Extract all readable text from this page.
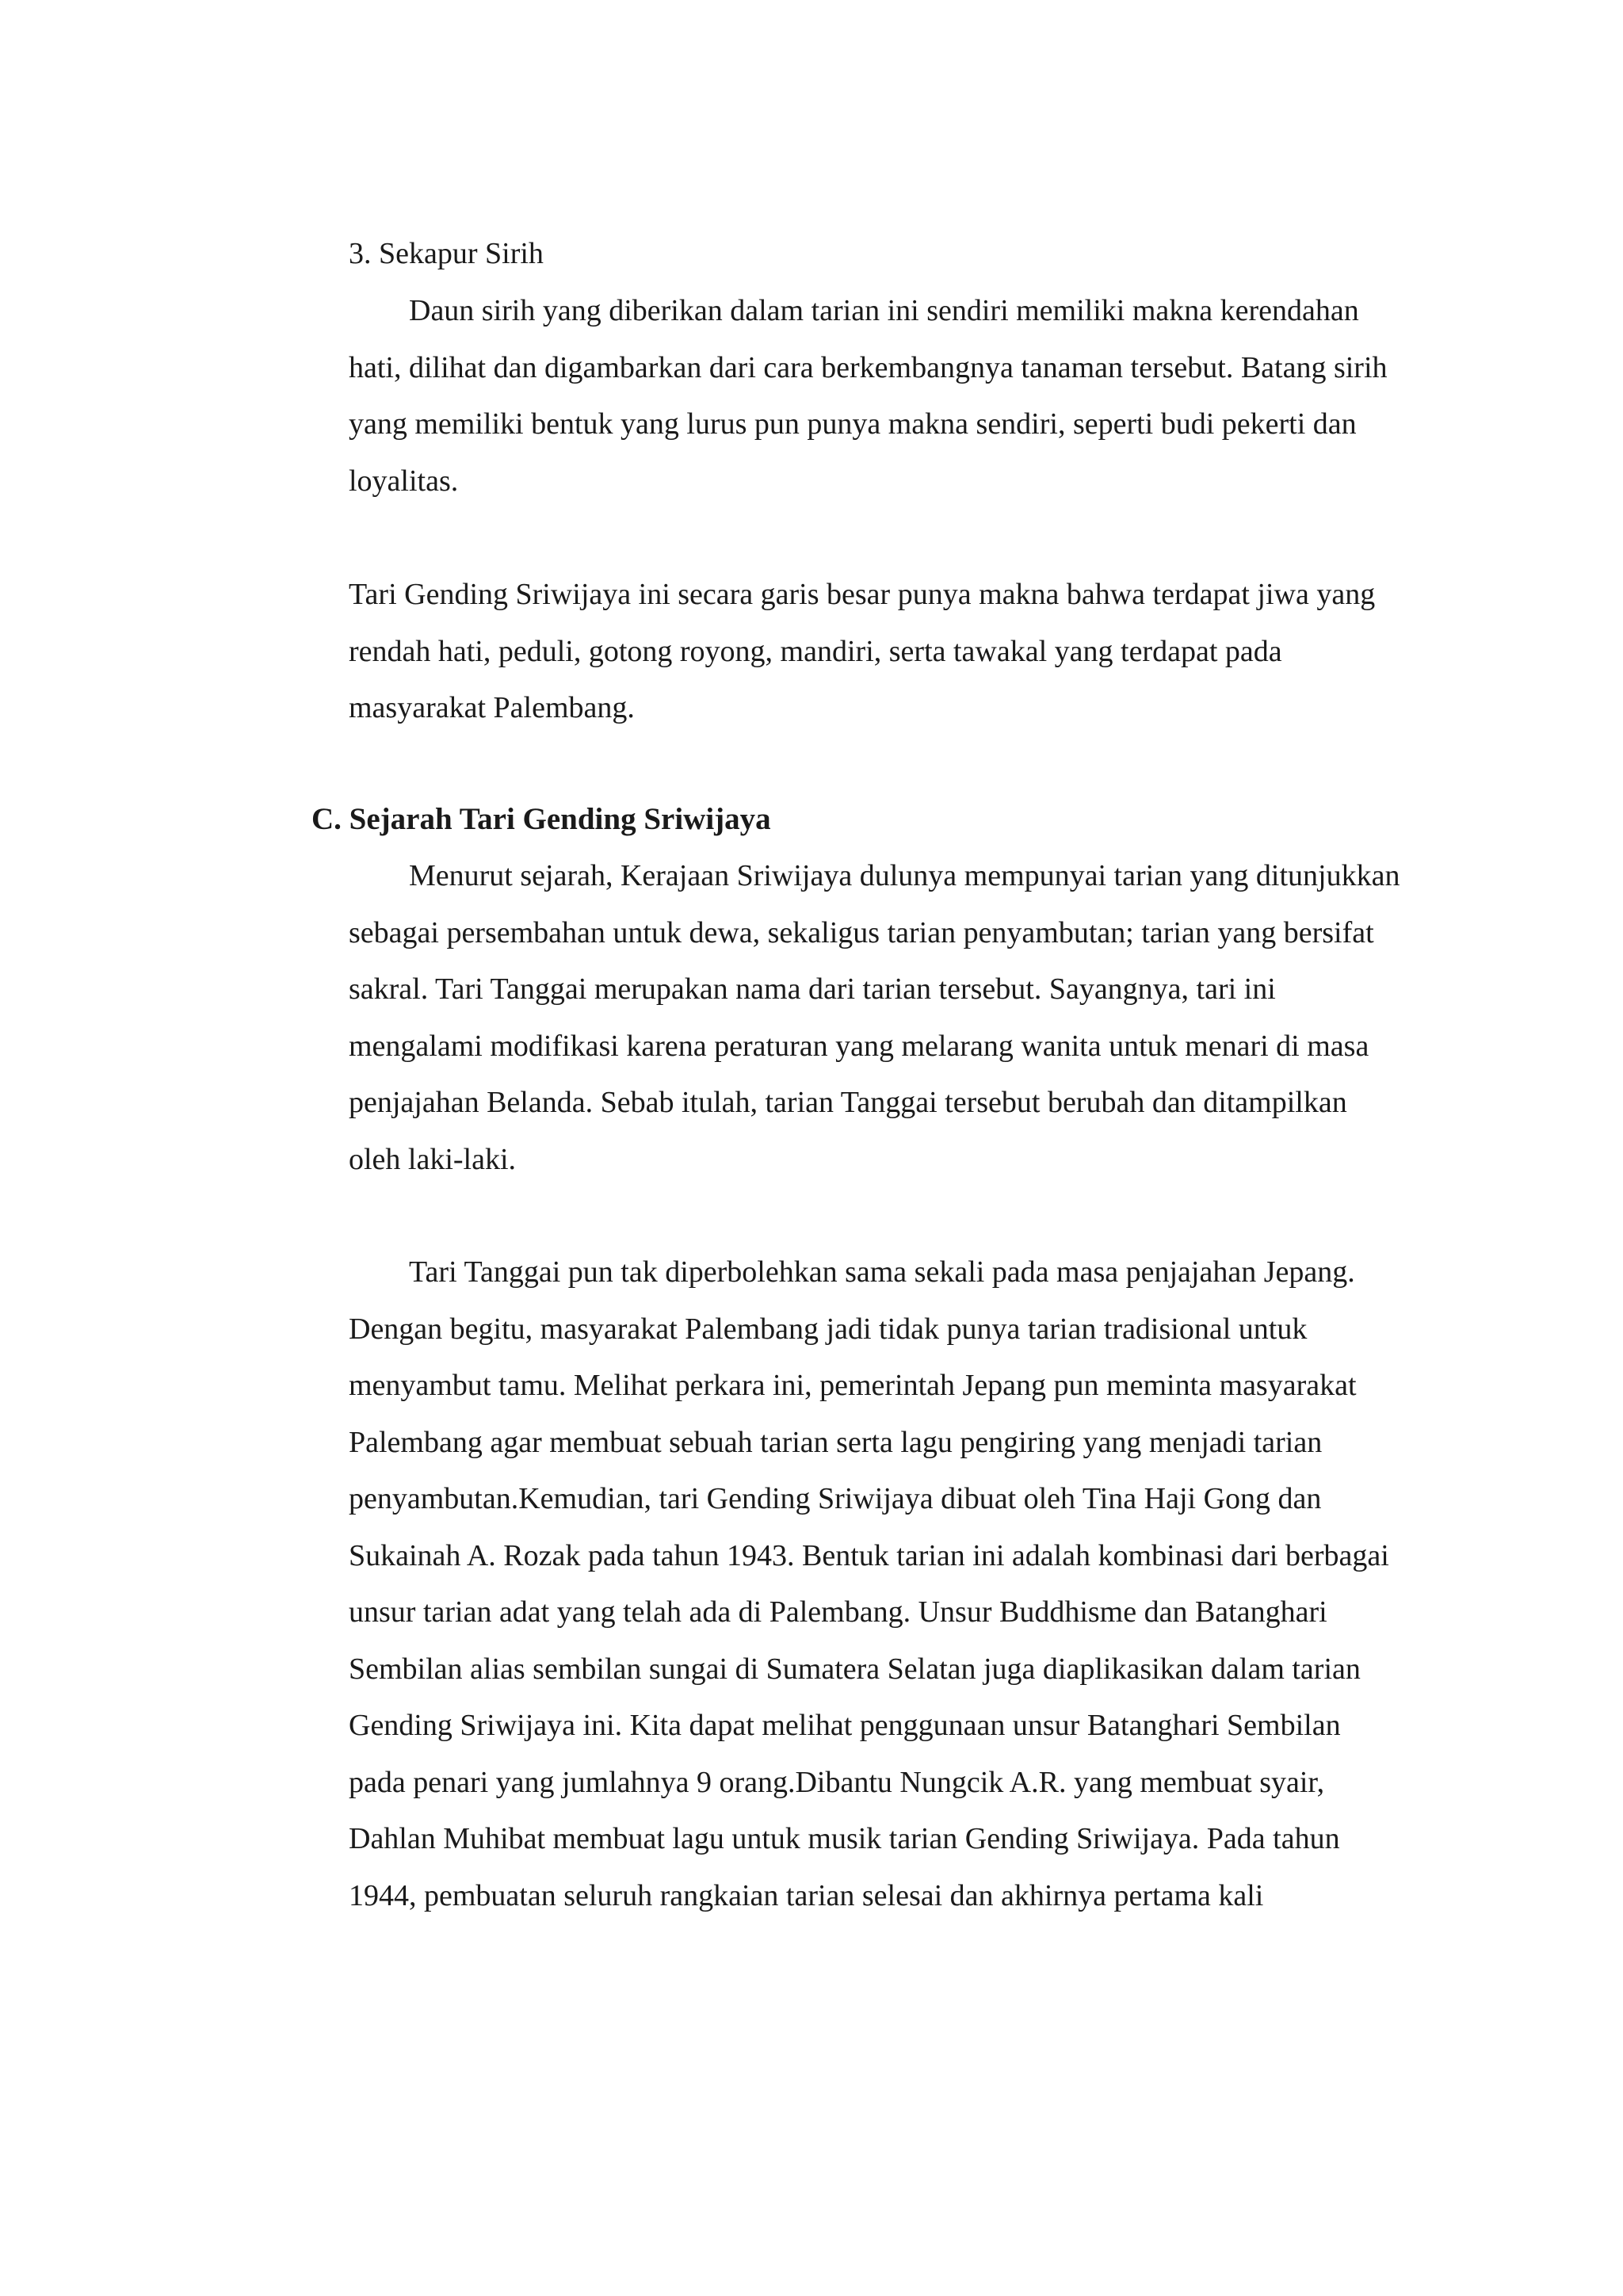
3. Sekapur Sirih

Daun sirih yang diberikan dalam tarian ini sendiri memiliki makna kerendahan hati, dilihat dan digambarkan dari cara berkembangnya tanaman tersebut. Batang sirih yang memiliki bentuk yang lurus pun punya makna sendiri, seperti budi pekerti dan loyalitas.

Tari Gending Sriwijaya ini secara garis besar punya makna bahwa terdapat jiwa yang rendah hati, peduli, gotong royong, mandiri, serta tawakal yang terdapat pada masyarakat Palembang.

C. Sejarah Tari Gending Sriwijaya

Menurut sejarah, Kerajaan Sriwijaya dulunya mempunyai tarian yang ditunjukkan sebagai persembahan untuk dewa, sekaligus tarian penyambutan; tarian yang bersifat sakral. Tari Tanggai merupakan nama dari tarian tersebut. Sayangnya, tari ini mengalami modifikasi karena peraturan yang melarang wanita untuk menari di masa penjajahan Belanda. Sebab itulah, tarian Tanggai tersebut berubah dan ditampilkan oleh laki-laki.

Tari Tanggai pun tak diperbolehkan sama sekali pada masa penjajahan Jepang. Dengan begitu, masyarakat Palembang jadi tidak punya tarian tradisional untuk menyambut tamu. Melihat perkara ini, pemerintah Jepang pun meminta masyarakat Palembang agar membuat sebuah tarian serta lagu pengiring yang menjadi tarian penyambutan.Kemudian, tari Gending Sriwijaya dibuat oleh Tina Haji Gong dan Sukainah A. Rozak pada tahun 1943. Bentuk tarian ini adalah kombinasi dari berbagai unsur tarian adat yang telah ada di Palembang. Unsur Buddhisme dan Batanghari Sembilan alias sembilan sungai di Sumatera Selatan juga diaplikasikan dalam tarian Gending Sriwijaya ini. Kita dapat melihat penggunaan unsur Batanghari Sembilan pada penari yang jumlahnya 9 orang.Dibantu Nungcik A.R. yang membuat syair, Dahlan Muhibat membuat lagu untuk musik tarian Gending Sriwijaya. Pada tahun 1944, pembuatan seluruh rangkaian tarian selesai dan akhirnya pertama kali
